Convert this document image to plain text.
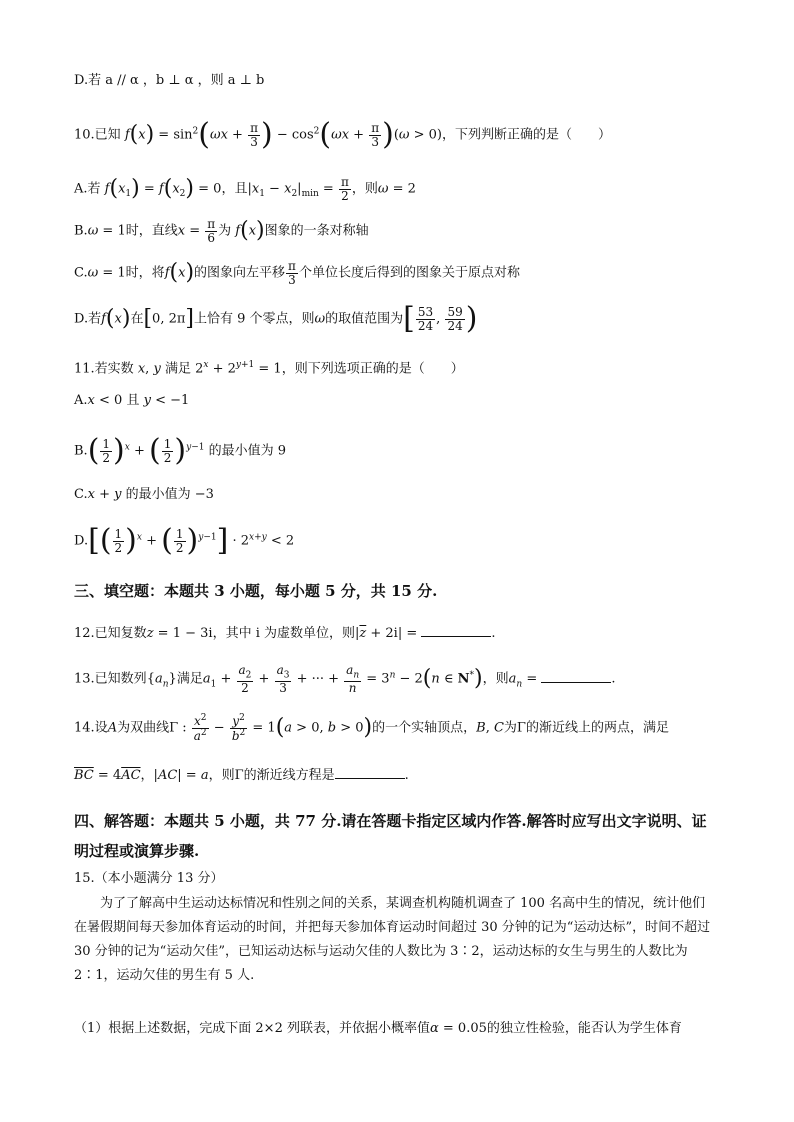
D.若 a // α ，b ⊥ α ，则 a ⊥ b
10.已知 $f(x) = \sin^2(\omega x + \frac{\pi}{3}$ ) − $\cos^2(\omega x + \frac{\pi}{3} )(\omega > 0)$，下列判断正确的是（　　）
A.若 $f(x_1) = f(x_2) = 0$，且$|x_1 - x_2|_{min} = \frac{\pi}{2}$ ，则ω = 2
B.ω = 1时，直线$x = \frac{\pi}{6}$ 为 f(x)图象的一条对称轴
C.ω = 1时，将f(x)的图象向左平移 $\frac{\pi}{3}$ 个单位长度后得到的图象关于原点对称
D.若f(x)在[0, 2π]上恰有 9 个零点，则ω的取值范围为[ $\frac{53}{24}$ , $\frac{59}{24}$ )
11.若实数 x, y 满足 $2^x + 2^{y+1} = 1$，则下列选项正确的是（　　）
A.x < 0 且 y < −1
$B.( \frac{1}{2} )^x$ + ( $\frac{1}{2} )^{y-1}$ 的最小值为 9
C.x + y 的最小值为 −3
$D.[( \frac{1}{2} )^x$ + ( $\frac{1}{2} )^{y-1}] \cdot 2^{x+y} < 2$
三、填空题：本题共 3 小题，每小题 5 分，共 15 分.
12.已知复数z = 1 − 3i，其中 i 为虚数单位，则$|\overline{z} + 2i|$ =	.
13.已知数列$\{a_n\}$满足$a_1 + \frac{a_2}{2} + \frac{a_3}{3}$ + ··· + $\frac{a_n}{n} = 3^n - 2(n$ ∈ N*)，则$a_n$ =	.
14.设A为双曲线Γ : $\frac{x^2}{a^2} - \frac{y^2}{b^2} = 1(a > 0$, b > 0)的一个实轴顶点，B, C为Γ的渐近线上的两点，满足
$\overline{BC} = 4\overline{AC}$，|AC| = a，则Γ的渐近线方程是	.
四、解答题：本题共 5 小题，共 77 分.请在答题卡指定区域内作答.解答时应写出文字说明、证
明过程或演算步骤.
15.（本小题满分 13 分）
为了了解高中生运动达标情况和性别之间的关系，某调查机构随机调查了 100 名高中生的情况，统计他们在暑假期间每天参加体育运动的时间，并把每天参加体育运动时间超过 30 分钟的记为“运动达标”，时间不超过 30 分钟的记为“运动欠佳”，已知运动达标与运动欠佳的人数比为 3∶2，运动达标的女生与男生的人数比为 2∶1，运动欠佳的男生有 5 人.
（1）根据上述数据，完成下面 2×2 列联表，并依据小概率值α = 0.05的独立性检验，能否认为学生体育
